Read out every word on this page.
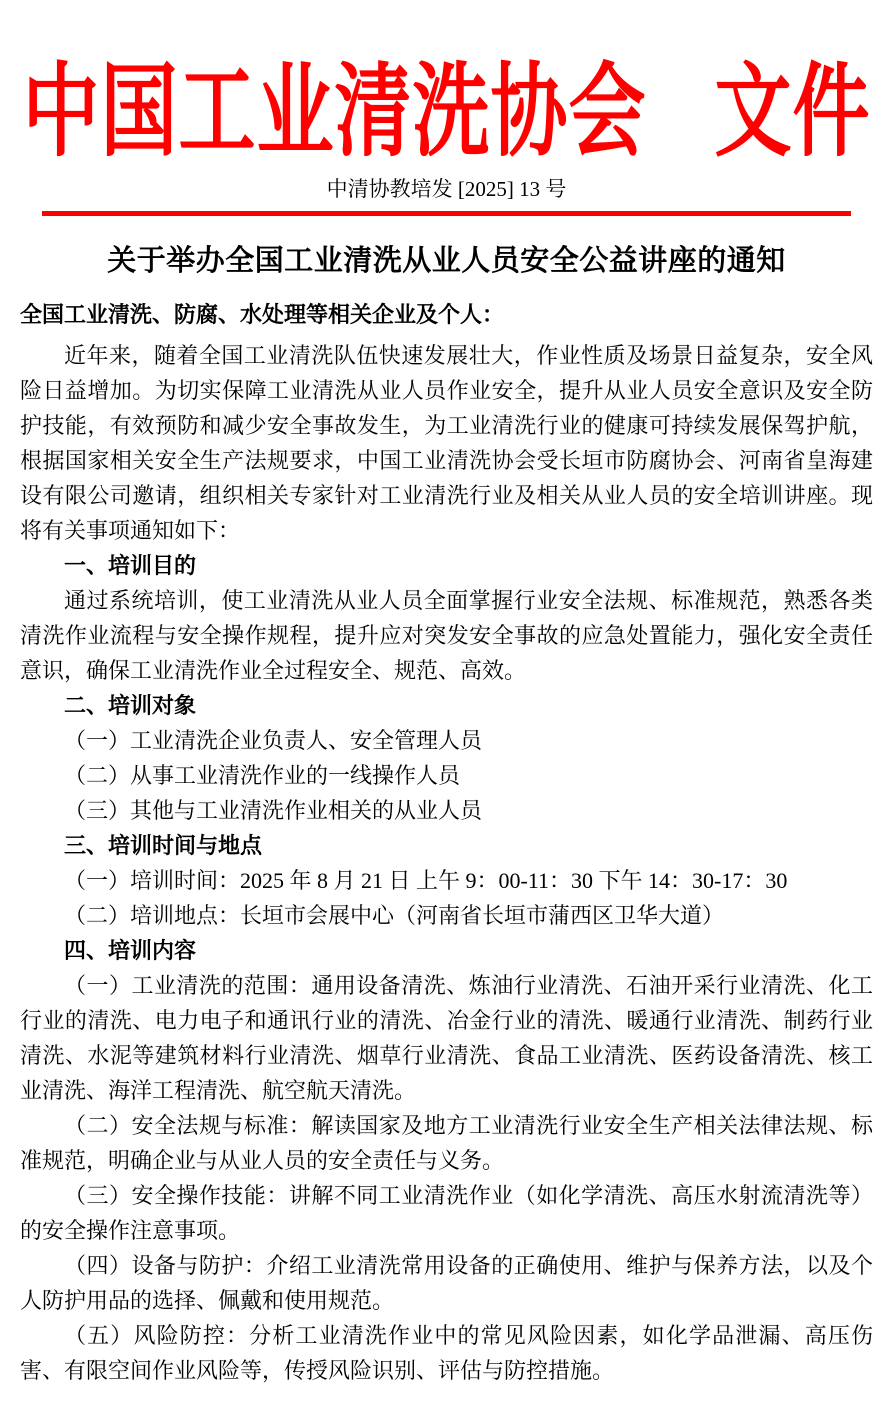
中国工业清洗协会 文件
中清协教培发 [2025] 13 号
关于举办全国工业清洗从业人员安全公益讲座的通知
全国工业清洗、防腐、水处理等相关企业及个人：
近年来，随着全国工业清洗队伍快速发展壮大，作业性质及场景日益复杂，安全风险日益增加。为切实保障工业清洗从业人员作业安全，提升从业人员安全意识及安全防护技能，有效预防和减少安全事故发生，为工业清洗行业的健康可持续发展保驾护航，根据国家相关安全生产法规要求，中国工业清洗协会受长垣市防腐协会、河南省皇海建设有限公司邀请，组织相关专家针对工业清洗行业及相关从业人员的安全培训讲座。现将有关事项通知如下：
一、培训目的
通过系统培训，使工业清洗从业人员全面掌握行业安全法规、标准规范，熟悉各类清洗作业流程与安全操作规程，提升应对突发安全事故的应急处置能力，强化安全责任意识，确保工业清洗作业全过程安全、规范、高效。
二、培训对象
（一）工业清洗企业负责人、安全管理人员
（二）从事工业清洗作业的一线操作人员
（三）其他与工业清洗作业相关的从业人员
三、培训时间与地点
（一）培训时间：2025 年 8 月 21 日 上午 9：00-11：30 下午 14：30-17：30
（二）培训地点：长垣市会展中心（河南省长垣市蒲西区卫华大道）
四、培训内容
（一）工业清洗的范围：通用设备清洗、炼油行业清洗、石油开采行业清洗、化工行业的清洗、电力电子和通讯行业的清洗、冶金行业的清洗、暖通行业清洗、制药行业清洗、水泥等建筑材料行业清洗、烟草行业清洗、食品工业清洗、医药设备清洗、核工业清洗、海洋工程清洗、航空航天清洗。
（二）安全法规与标准：解读国家及地方工业清洗行业安全生产相关法律法规、标准规范，明确企业与从业人员的安全责任与义务。
（三）安全操作技能：讲解不同工业清洗作业（如化学清洗、高压水射流清洗等）的安全操作注意事项。
（四）设备与防护：介绍工业清洗常用设备的正确使用、维护与保养方法，以及个人防护用品的选择、佩戴和使用规范。
（五）风险防控：分析工业清洗作业中的常见风险因素，如化学品泄漏、高压伤害、有限空间作业风险等，传授风险识别、评估与防控措施。
